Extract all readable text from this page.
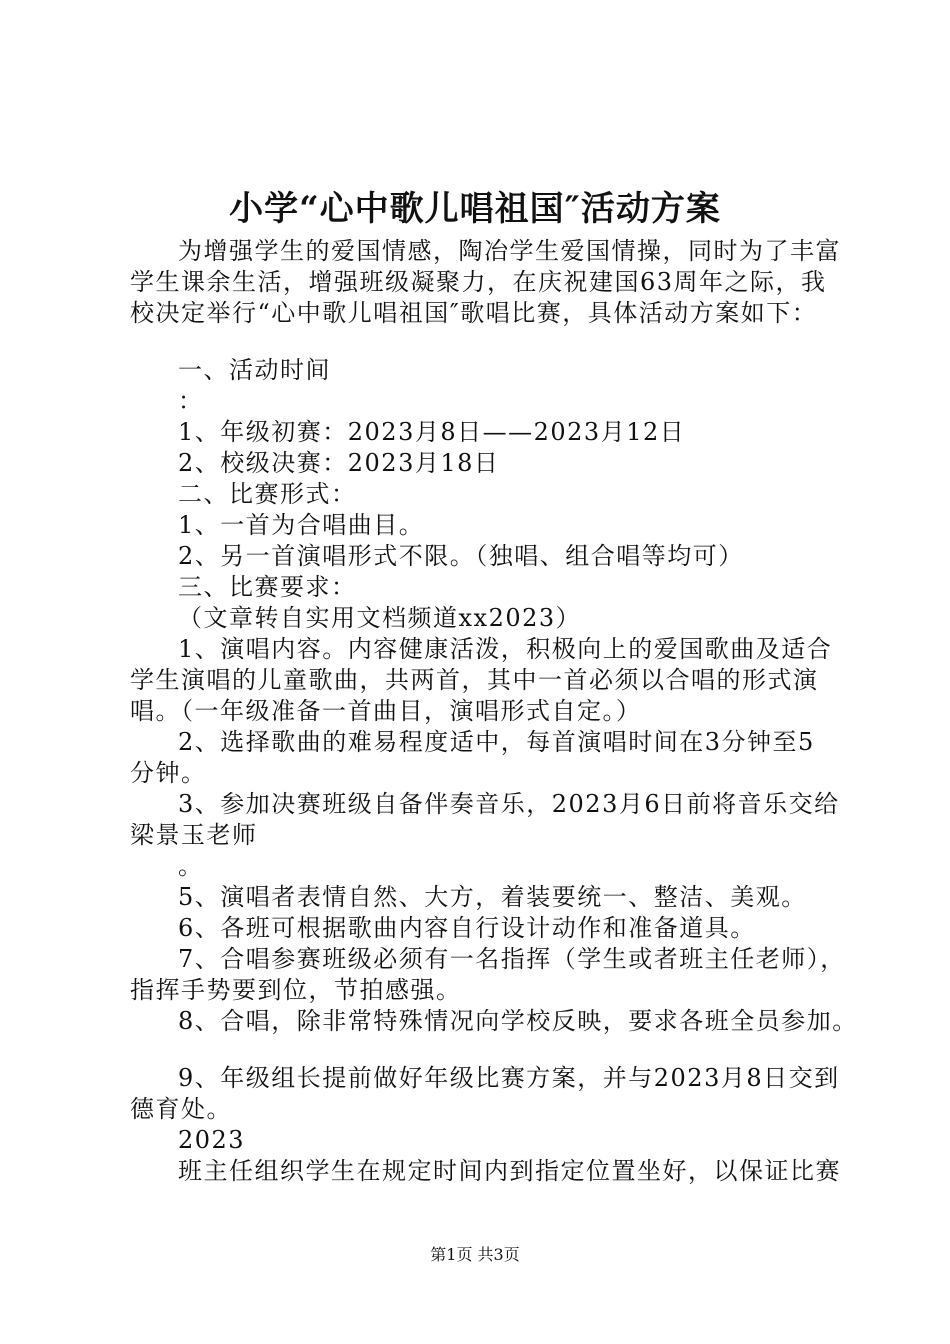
小学“心中歌儿唱祖国″活动方案
为增强学生的爱国情感，陶冶学生爱国情操，同时为了丰富
学生课余生活，增强班级凝聚力，在庆祝建国63周年之际，我
校决定举行“心中歌儿唱祖国″歌唱比赛，具体活动方案如下：
一、活动时间
：
1、年级初赛：2023月8日——2023月12日
2、校级决赛：2023月18日
二、比赛形式：
1、一首为合唱曲目。
2、另一首演唱形式不限。（独唱、组合唱等均可）
三、比赛要求：
（文章转自实用文档频道xx2023）
1、演唱内容。内容健康活泼，积极向上的爱国歌曲及适合
学生演唱的儿童歌曲，共两首，其中一首必须以合唱的形式演
唱。（一年级准备一首曲目，演唱形式自定。）
2、选择歌曲的难易程度适中，每首演唱时间在3分钟至5
分钟。
3、参加决赛班级自备伴奏音乐，2023月6日前将音乐交给
梁景玉老师
。
5、演唱者表情自然、大方，着装要统一、整洁、美观。
6、各班可根据歌曲内容自行设计动作和准备道具。
7、合唱参赛班级必须有一名指挥（学生或者班主任老师），
指挥手势要到位，节拍感强。
8、合唱，除非常特殊情况向学校反映，要求各班全员参加。
9、年级组长提前做好年级比赛方案，并与2023月8日交到
德育处。
2023
班主任组织学生在规定时间内到指定位置坐好，以保证比赛
第1页 共3页
